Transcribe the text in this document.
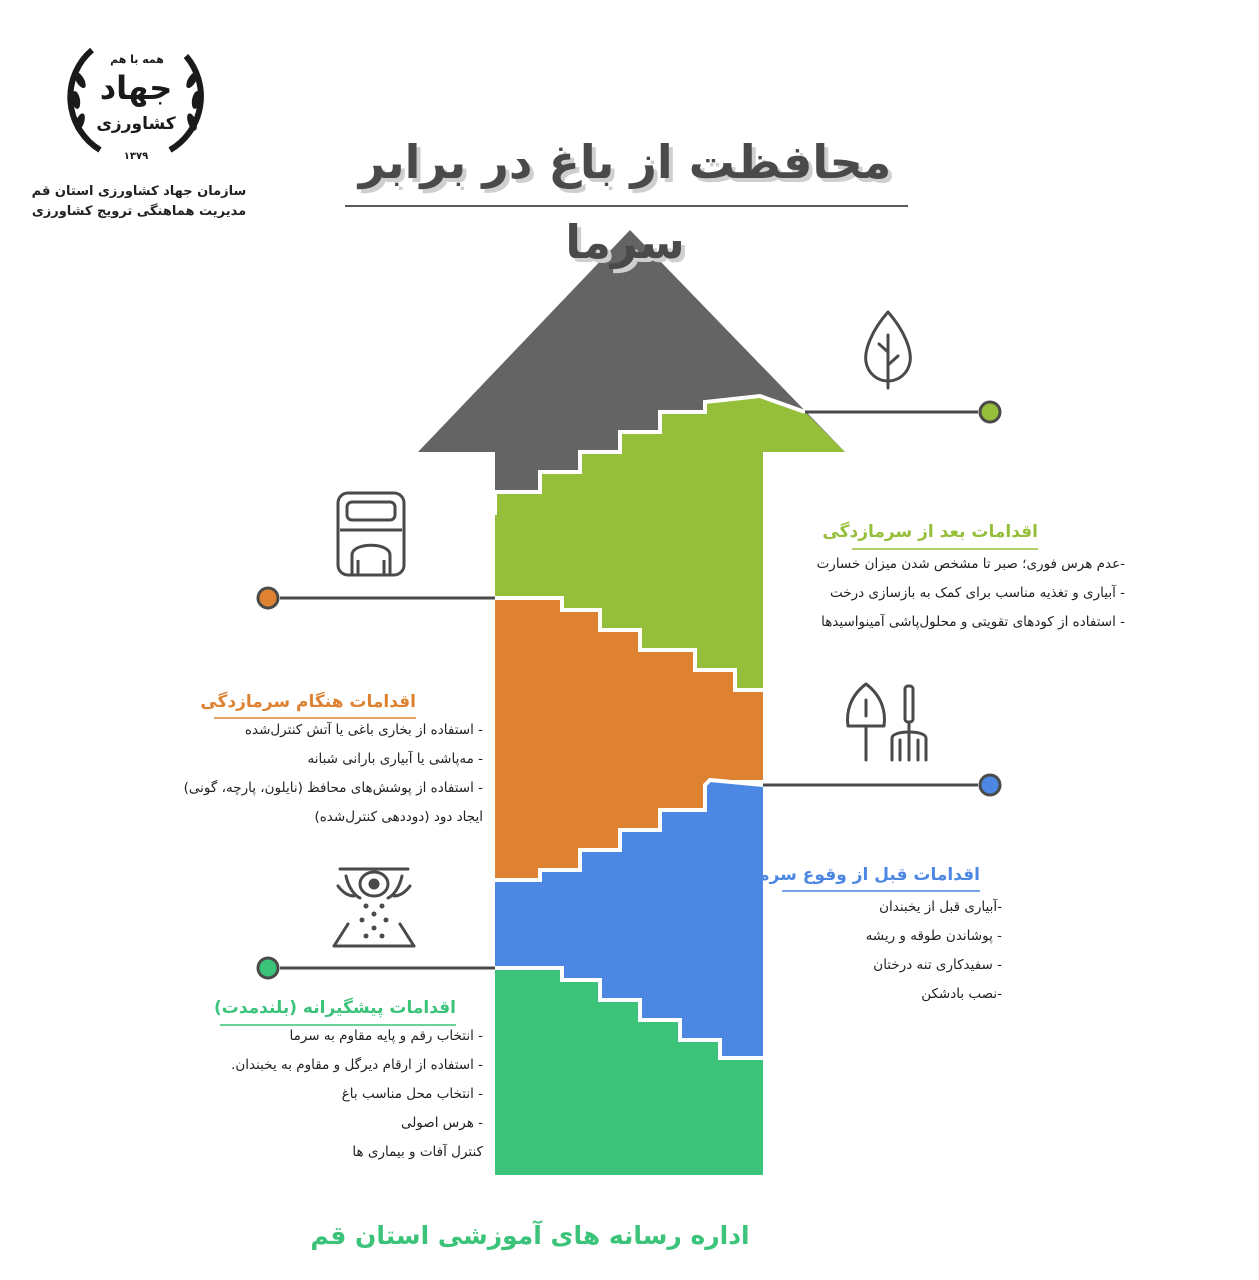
همه با هم
جهاد
کشاورزی
۱۳۷۹
سازمان جهاد کشاورزی استان قم
مدیریت هماهنگی ترویج کشاورزی
محافظت از باغ در برابر سرما
اقدامات بعد از سرمازدگی
-عدم هرس فوری؛ صبر تا مشخص شدن میزان خسارت
- آبیاری و تغذیه مناسب برای کمک به بازسازی درخت
- استفاده از کودهای تقویتی و محلول‌پاشی آمینواسیدها
اقدامات هنگام سرمازدگی
- استفاده از بخاری باغی یا آتش کنترل‌شده
- مه‌پاشی یا آبیاری بارانی شبانه
- استفاده از پوشش‌های محافظ (نایلون، پارچه، گونی)
ایجاد دود (دوددهی کنترل‌شده)
اقدامات قبل از وقوع سرما
-آبیاری قبل از یخبندان
- پوشاندن طوقه و ریشه
- سفیدکاری تنه درختان
-نصب بادشکن
اقدامات پیشگیرانه (بلندمدت)
- انتخاب رقم و پایه مقاوم به سرما
- استفاده از ارقام دیرگل و مقاوم به یخبندان.
- انتخاب محل مناسب باغ
- هرس اصولی
کنترل آفات و بیماری ها
اداره رسانه های آموزشی استان قم
